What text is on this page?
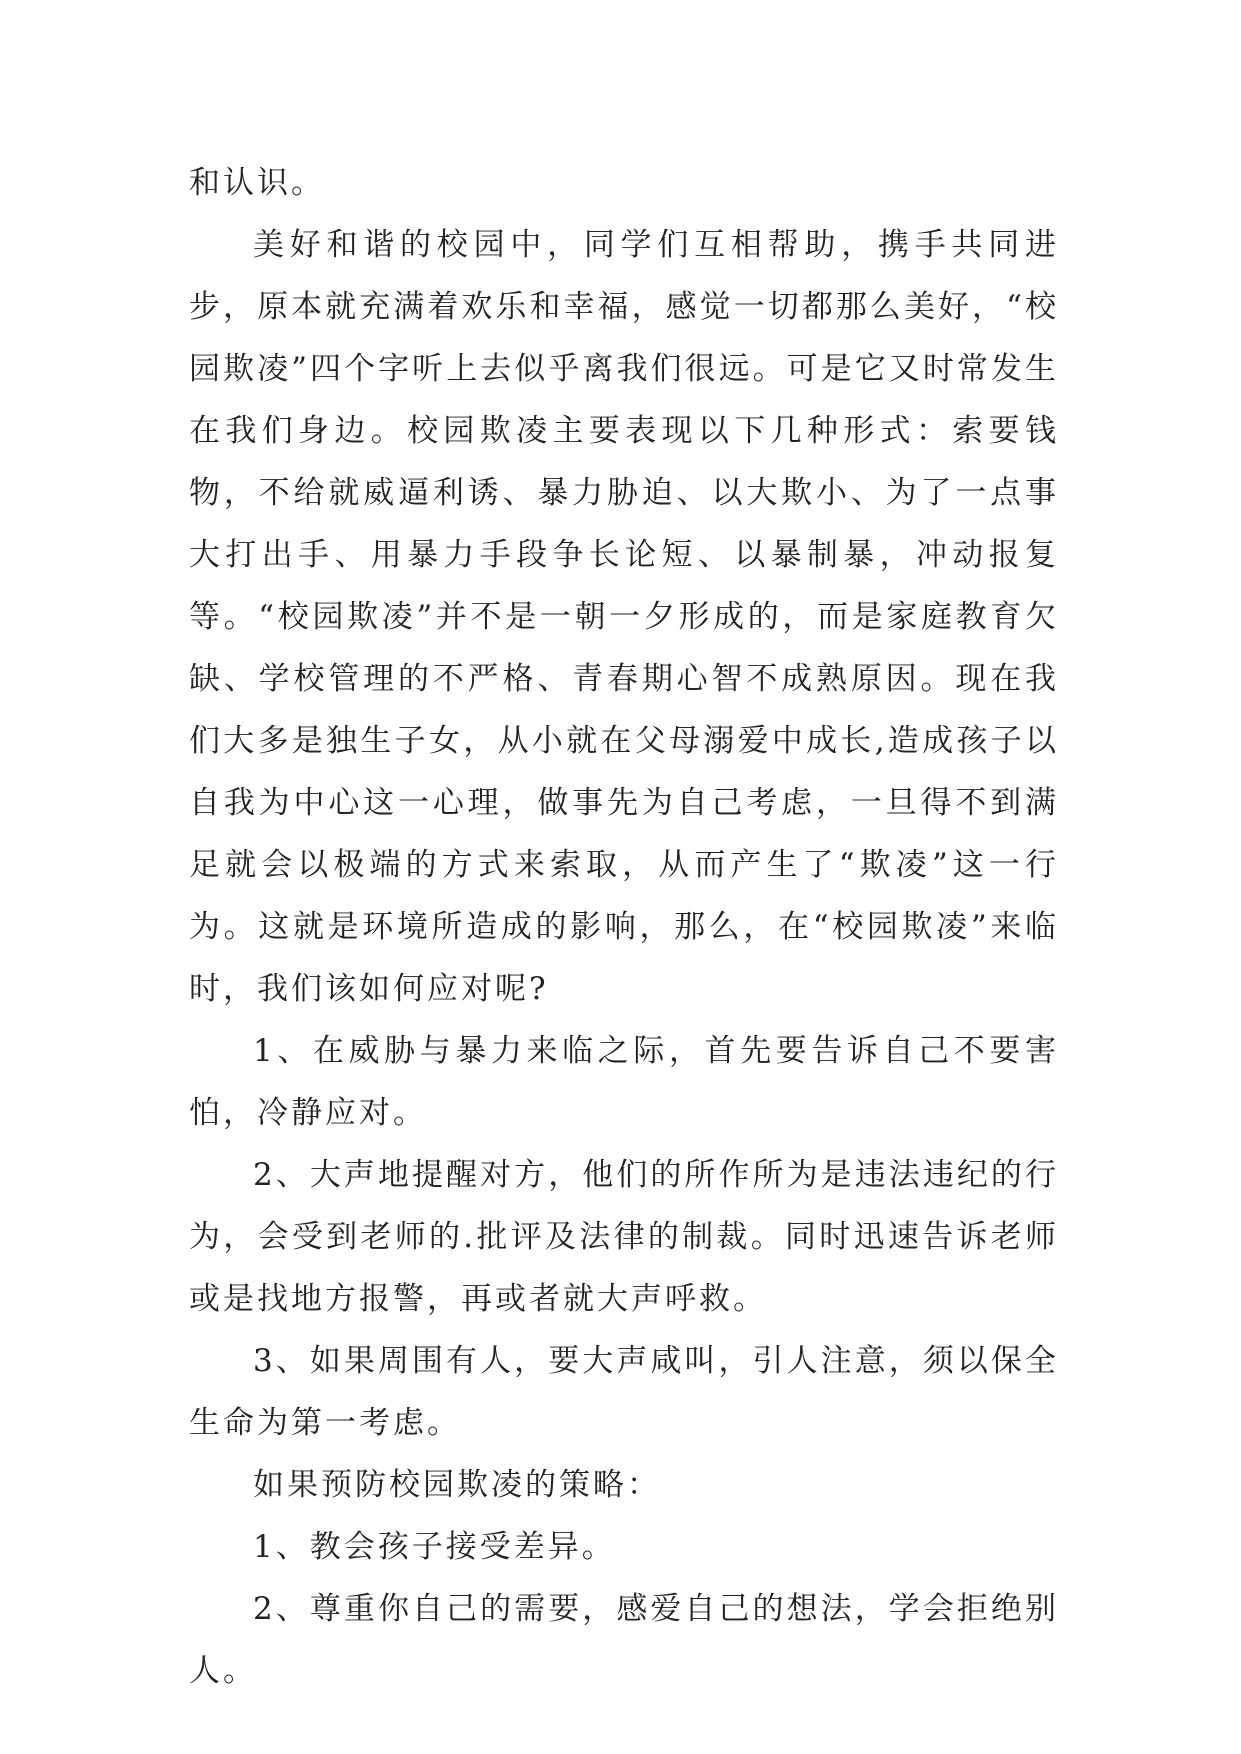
和认识。

美好和谐的校园中，同学们互相帮助，携手共同进步，原本就充满着欢乐和幸福，感觉一切都那么美好，“校园欺凌”四个字听上去似乎离我们很远。可是它又时常发生在我们身边。校园欺凌主要表现以下几种形式：索要钱物，不给就威逼利诱、暴力胁迫、以大欺小、为了一点事大打出手、用暴力手段争长论短、以暴制暴，冲动报复等。“校园欺凌”并不是一朝一夕形成的，而是家庭教育欠缺、学校管理的不严格、青春期心智不成熟原因。现在我们大多是独生子女，从小就在父母溺爱中成长,造成孩子以自我为中心这一心理，做事先为自己考虑，一旦得不到满足就会以极端的方式来索取，从而产生了“欺凌”这一行为。这就是环境所造成的影响，那么，在“校园欺凌”来临时，我们该如何应对呢?

1、在威胁与暴力来临之际，首先要告诉自己不要害怕，冷静应对。

2、大声地提醒对方，他们的所作所为是违法违纪的行为，会受到老师的.批评及法律的制裁。同时迅速告诉老师或是找地方报警，再或者就大声呼救。

3、如果周围有人，要大声咸叫，引人注意，须以保全生命为第一考虑。

如果预防校园欺凌的策略：

1、教会孩子接受差异。

2、尊重你自己的需要，感爱自己的想法，学会拒绝别人。
